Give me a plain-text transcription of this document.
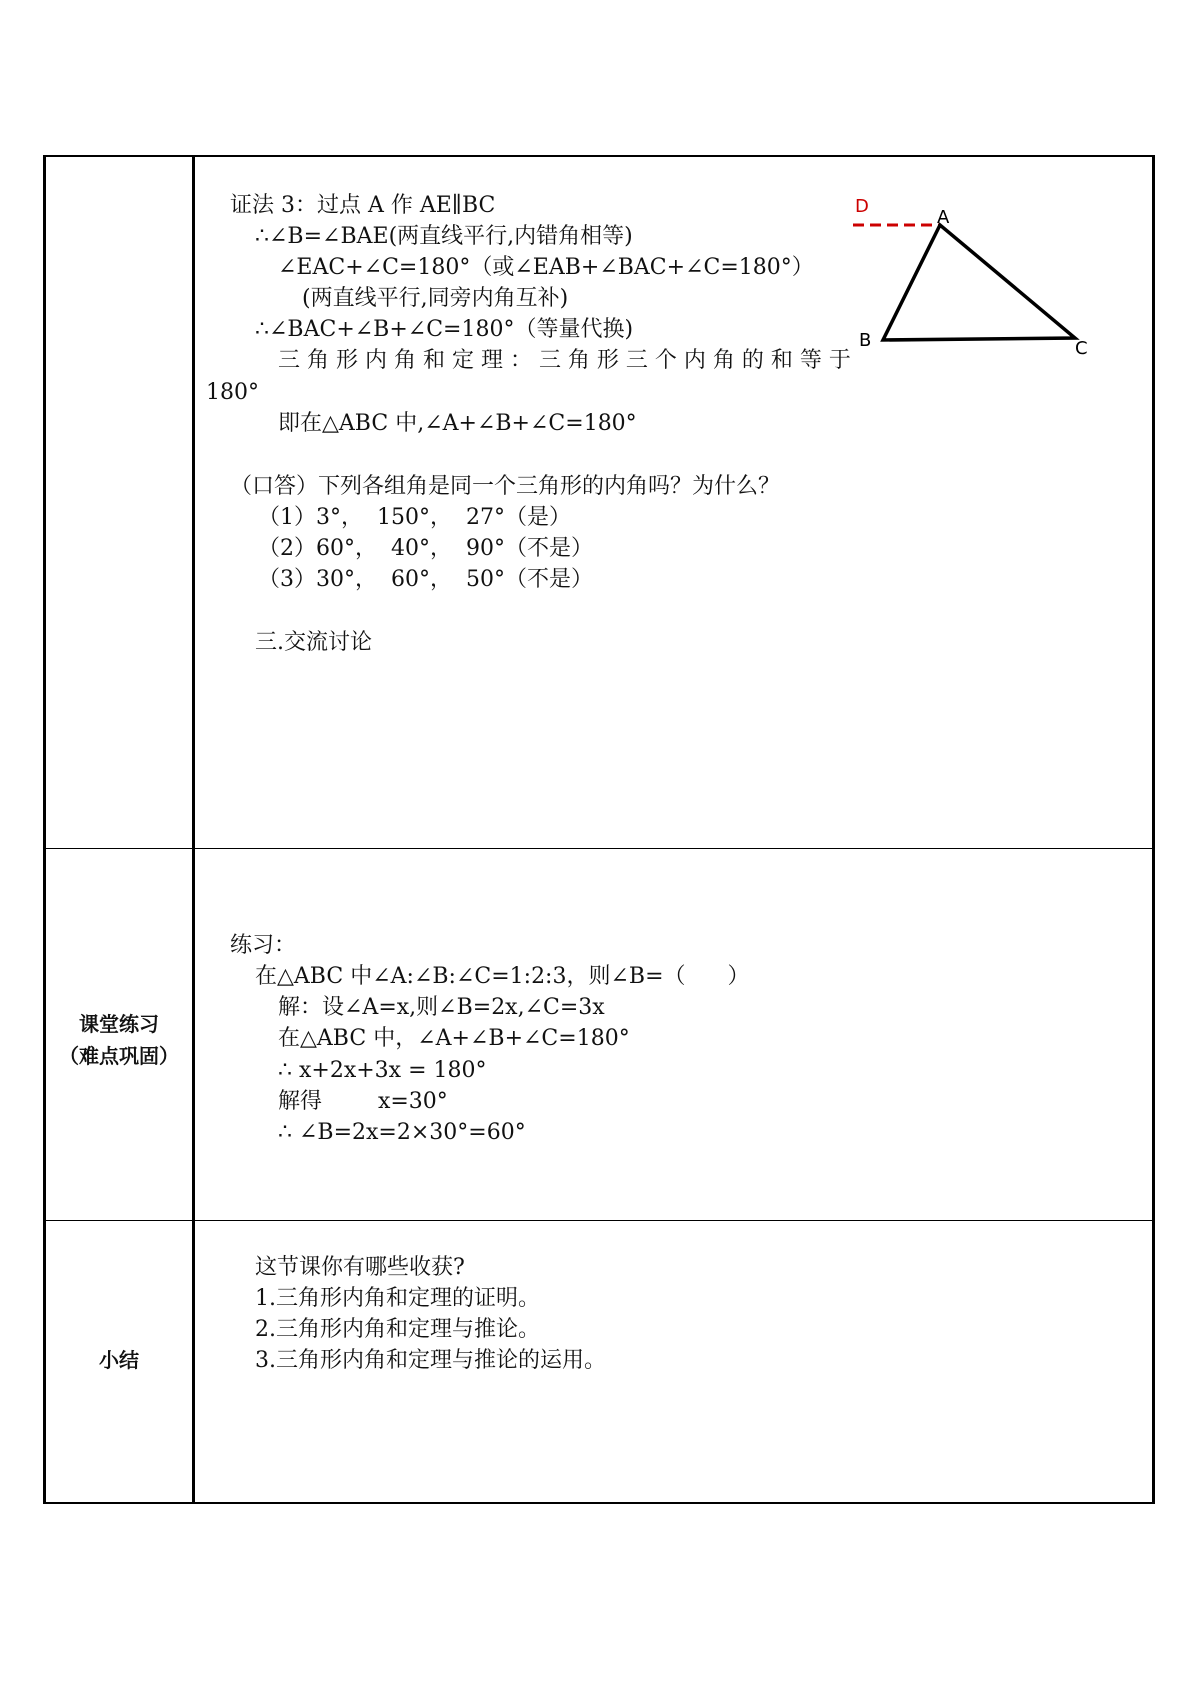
证法 3：过点 A 作 AE∥BC
∴∠B=∠BAE(两直线平行,内错角相等)
∠EAC+∠C=180°（或∠EAB+∠BAC+∠C=180°）
(两直线平行,同旁内角互补)
∴∠BAC+∠B+∠C=180°（等量代换)
三 角 形 内 角 和 定 理 ： 三 角 形 三 个 内 角 的 和 等 于
180°
即在△ABC 中,∠A+∠B+∠C=180°
（口答）下列各组角是同一个三角形的内角吗？为什么？
（1）3°，  150°，  27°（是）
（2）60°，  40°，  90°（不是）
（3）30°，  60°，  50°（不是）
三.交流讨论
D
A
B	C
课堂练习
（难点巩固）
练习：
在△ABC 中∠A:∠B:∠C=1:2:3，则∠B=（      ）
解：设∠A=x,则∠B=2x,∠C=3x
在△ABC 中，∠A+∠B+∠C=180°
∴ x+2x+3x = 180°
解得        x=30°
∴ ∠B=2x=2×30°=60°
小结
这节课你有哪些收获?
1.三角形内角和定理的证明。
2.三角形内角和定理与推论。
3.三角形内角和定理与推论的运用。
